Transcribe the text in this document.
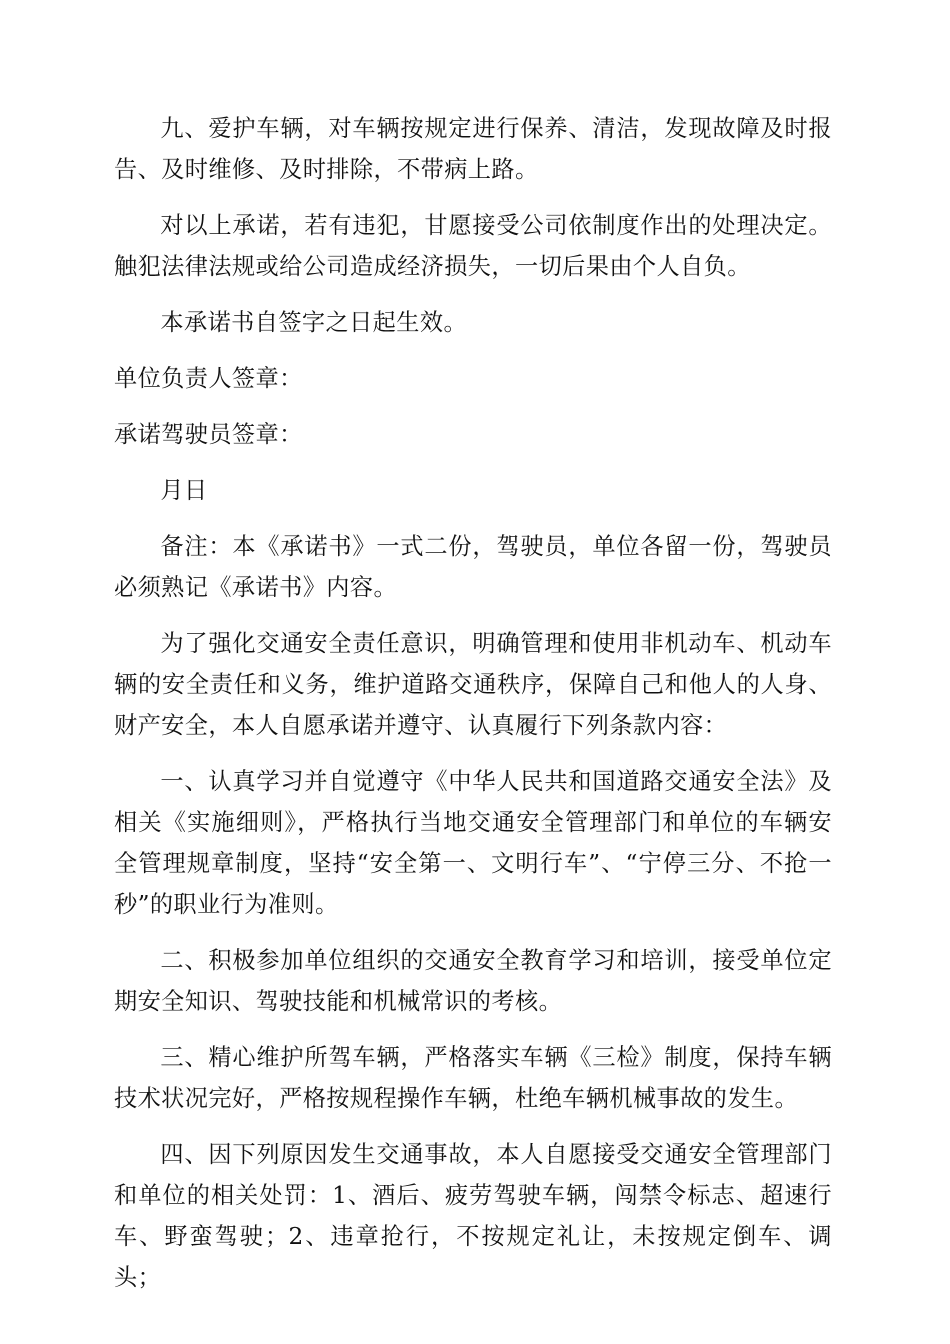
九、爱护车辆，对车辆按规定进行保养、清洁，发现故障及时报告、及时维修、及时排除，不带病上路。

对以上承诺，若有违犯，甘愿接受公司依制度作出的处理决定。触犯法律法规或给公司造成经济损失，一切后果由个人自负。

本承诺书自签字之日起生效。

单位负责人签章：

承诺驾驶员签章：

月日

备注：本《承诺书》一式二份，驾驶员，单位各留一份，驾驶员必须熟记《承诺书》内容。

为了强化交通安全责任意识，明确管理和使用非机动车、机动车辆的安全责任和义务，维护道路交通秩序，保障自己和他人的人身、财产安全，本人自愿承诺并遵守、认真履行下列条款内容：

一、认真学习并自觉遵守《中华人民共和国道路交通安全法》及相关《实施细则》，严格执行当地交通安全管理部门和单位的车辆安全管理规章制度，坚持“安全第一、文明行车”、“宁停三分、不抢一秒”的职业行为准则。

二、积极参加单位组织的交通安全教育学习和培训，接受单位定期安全知识、驾驶技能和机械常识的考核。

三、精心维护所驾车辆，严格落实车辆《三检》制度，保持车辆技术状况完好，严格按规程操作车辆，杜绝车辆机械事故的发生。

四、因下列原因发生交通事故，本人自愿接受交通安全管理部门和单位的相关处罚：1、酒后、疲劳驾驶车辆，闯禁令标志、超速行车、野蛮驾驶；2、违章抢行，不按规定礼让，未按规定倒车、调头；
